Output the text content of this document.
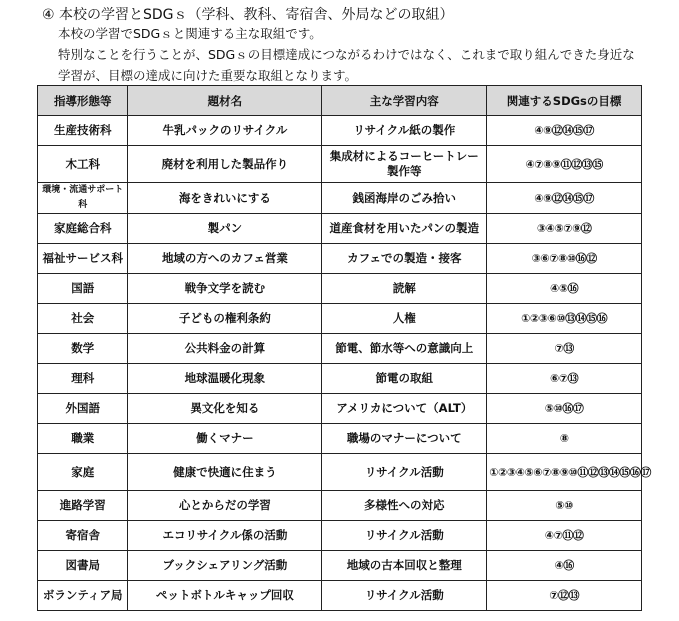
④ 本校の学習とSDGｓ（学科、教科、寄宿舎、外局などの取組）
本校の学習でSDGｓと関連する主な取組です。
特別なことを行うことが、SDGｓの目標達成につながるわけではなく、これまで取り組んできた身近な
学習が、目標の達成に向けた重要な取組となります。
指導形態等	題材名	主な学習内容	関連するSDGsの目標
生産技術科	牛乳パックのリサイクル	リサイクル紙の製作	④⑨⑫⑭⑮⑰
木工科	廃材を利用した製品作り	集成材によるコーヒートレー製作等	④⑦⑧⑨⑪⑫⑬⑮
環境・流通サポート科	海をきれいにする	銭函海岸のごみ拾い	④⑨⑫⑭⑮⑰
家庭総合科	製パン	道産食材を用いたパンの製造	③④⑤⑦⑨⑫
福祉サービス科	地域の方へのカフェ営業	カフェでの製造・接客	③⑥⑦⑧⑩⑯⑫
国語	戦争文学を読む	読解	④⑤⑯
社会	子どもの権利条約	人権	①②③⑥⑩⑬⑭⑮⑯
数学	公共料金の計算	節電、節水等への意識向上	⑦⑬
理科	地球温暖化現象	節電の取組	⑥⑦⑬
外国語	異文化を知る	アメリカについて（ALT）	⑤⑩⑯⑰
職業	働くマナー	職場のマナーについて	⑧
家庭	健康で快適に住まう	リサイクル活動	①②③④⑤⑥⑦⑧⑨⑩⑪⑫⑬⑭⑮⑯⑰
進路学習	心とからだの学習	多様性への対応	⑤⑩
寄宿舎	エコリサイクル係の活動	リサイクル活動	④⑦⑪⑫
図書局	ブックシェアリング活動	地域の古本回収と整理	④⑯
ボランティア局	ペットボトルキャップ回収	リサイクル活動	⑦⑫⑬
